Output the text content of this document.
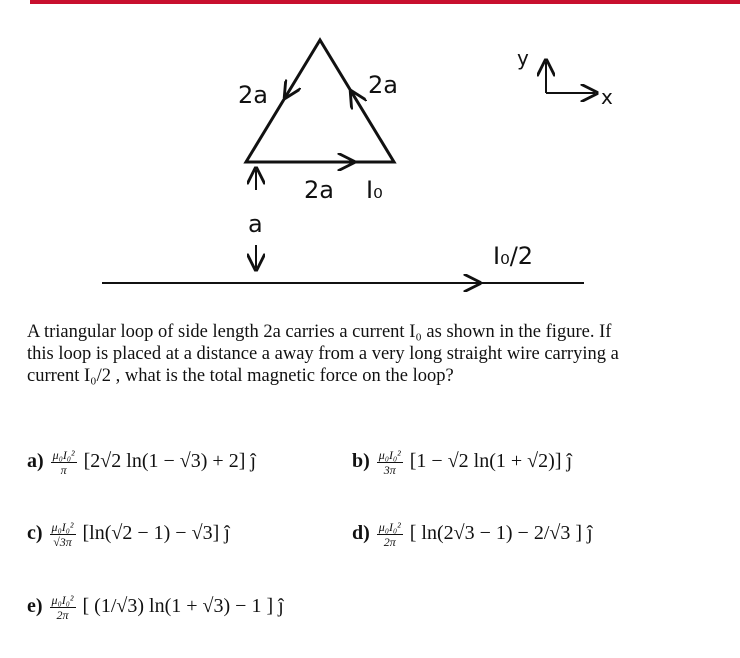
2a	2a
2a I₀
a
I₀/2
y
x
A triangular loop of side length 2a carries a current I₀ as shown in the figure. If
this loop is placed at a distance a away from a very long straight wire carrying a
current I₀/2 , what is the total magnetic force on the loop?
$a) \frac{\text{μ₀I₀²}}{\pi} [2√2$ ln(1 − √3) + 2] ĵ	$b) \frac{\text{μ₀I₀²}}{3\pi} [1 - √2$ ln(1 + √2)] ĵ
$c) \frac{\text{μ₀I₀²}}{√3\pi} [\ln(√2 - 1) - √3]$ ĵ	$d) \frac{\text{μ₀I₀²}}{2\pi}$ [ ln(2√3 − 1) − 2/√3 ] ĵ
$e) \frac{\text{μ₀I₀²}}{2\pi}$ [ (1/√3) ln(1 + √3) − 1 ] ĵ
